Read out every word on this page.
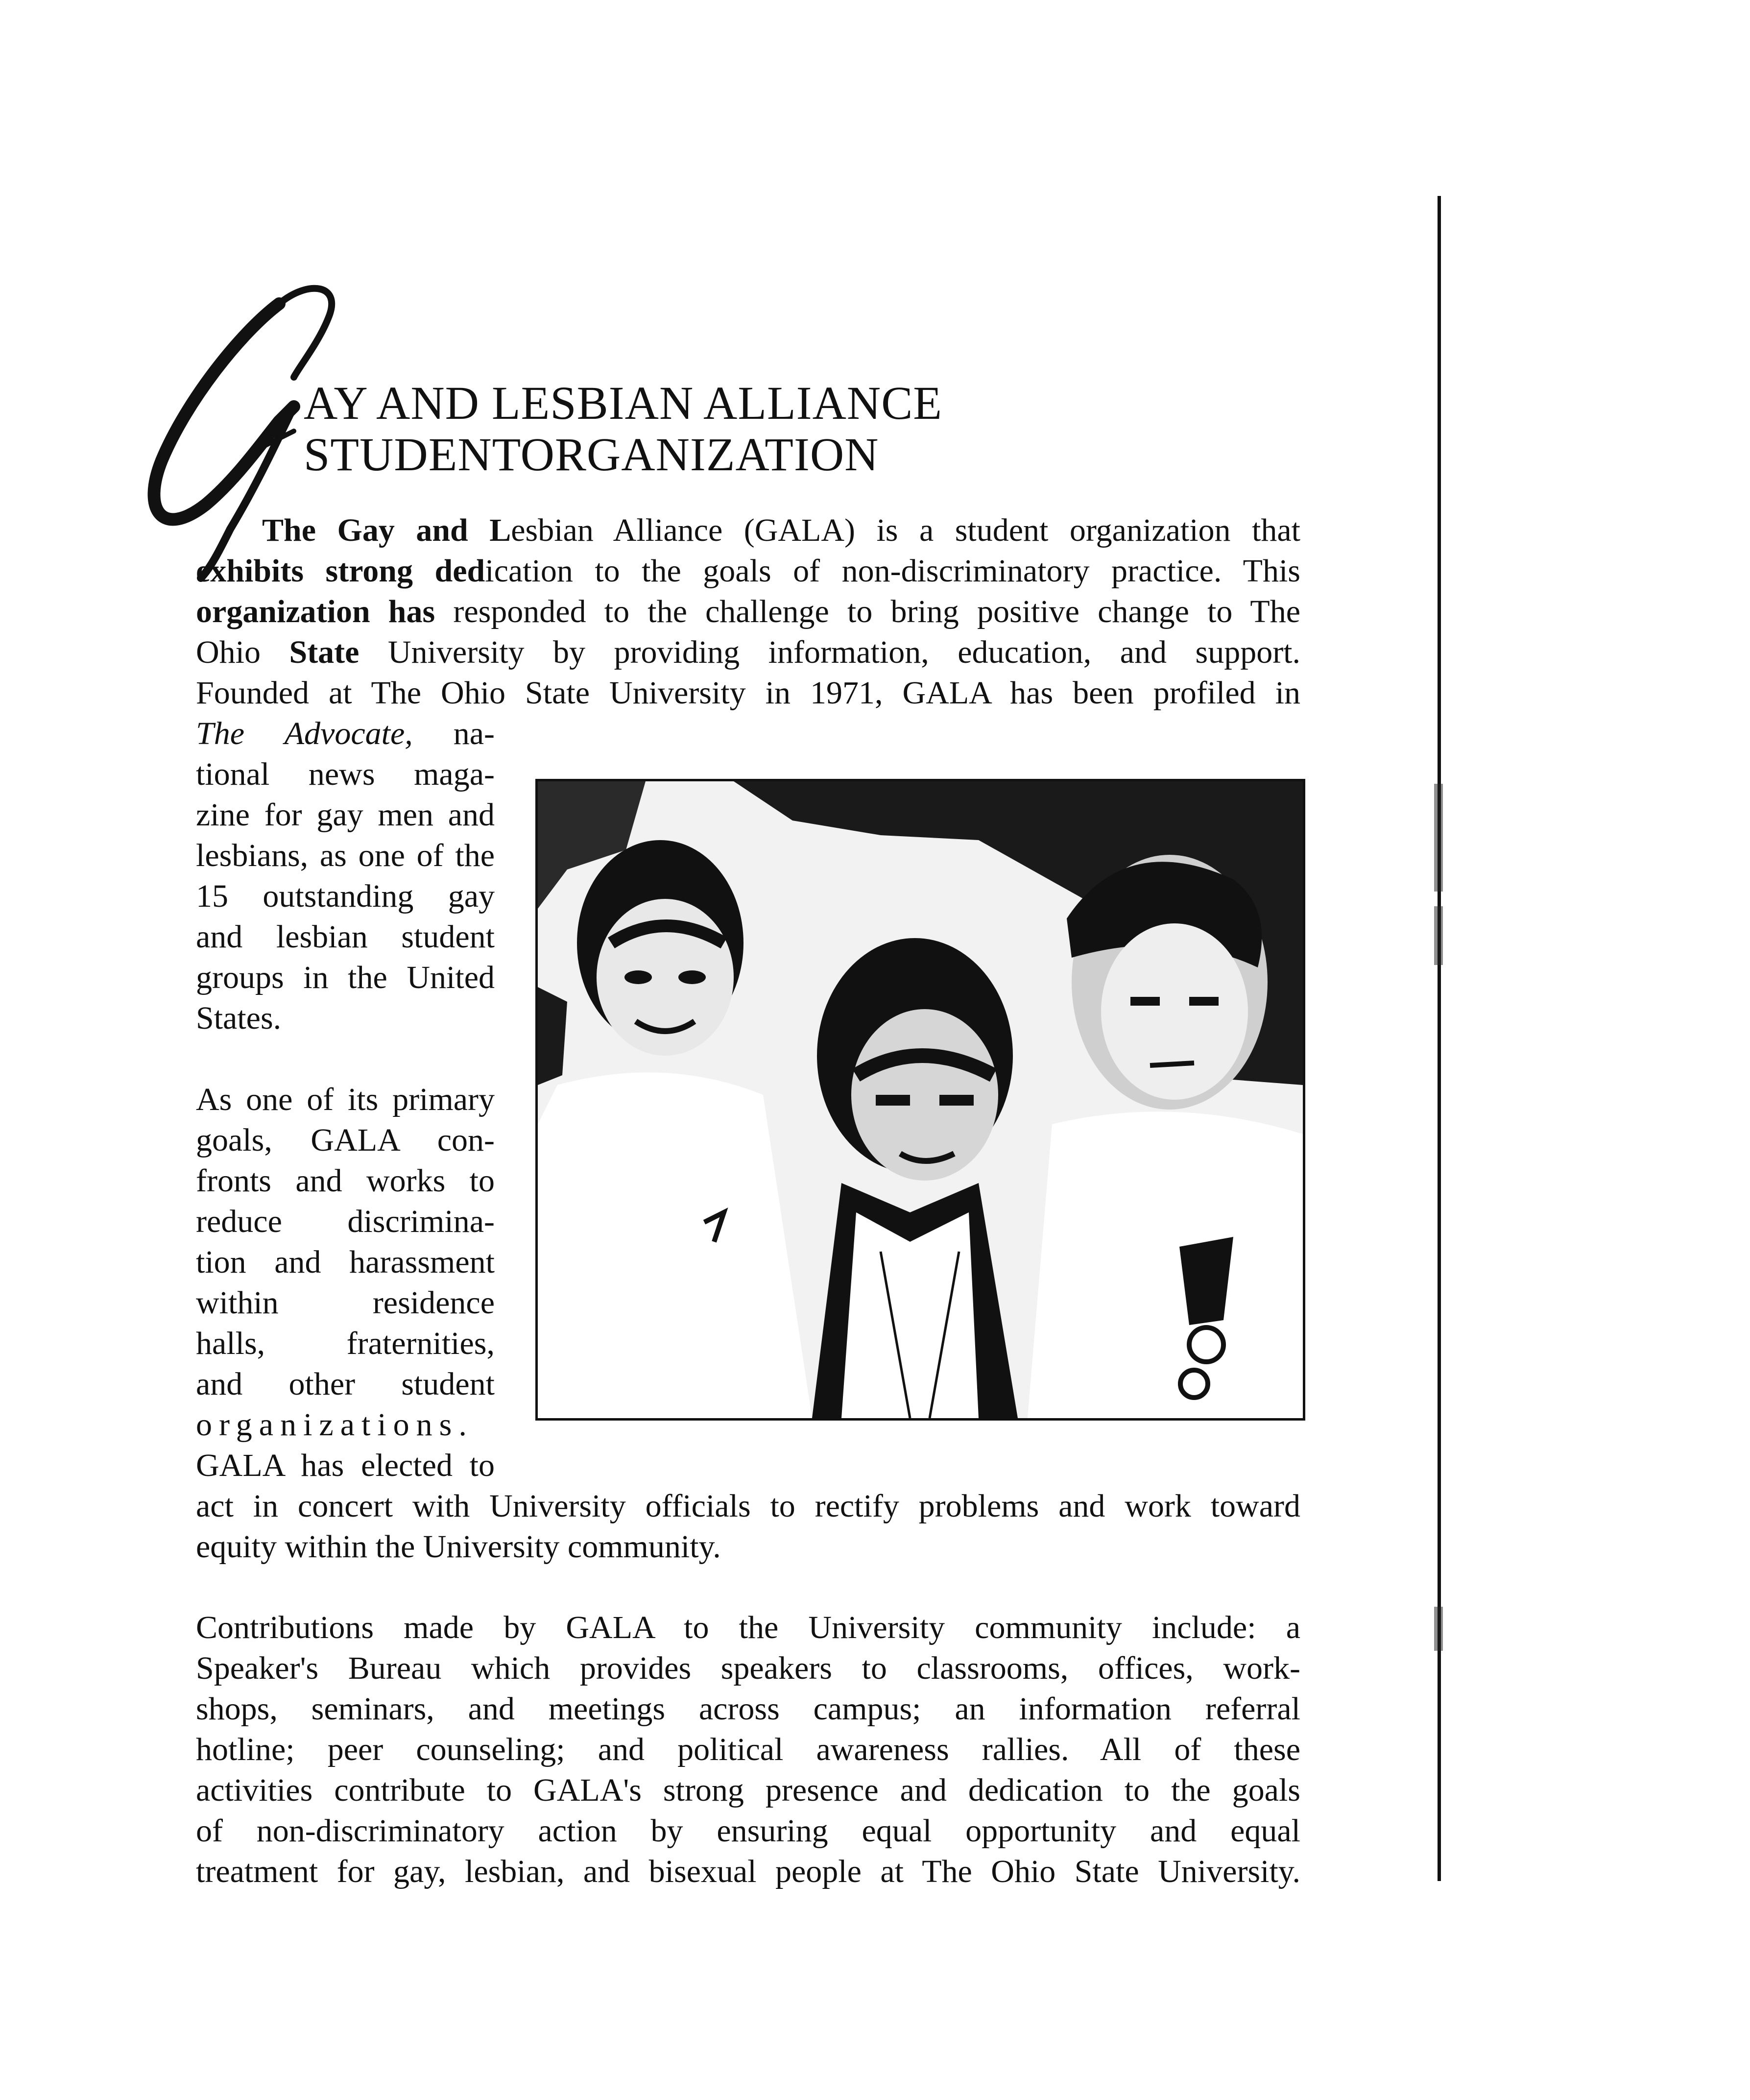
AY AND LESBIAN ALLIANCE
STUDENTORGANIZATION
The Gay and Lesbian Alliance (GALA) is a student organization that
exhibits strong dedication to the goals of non-discriminatory practice. This
organization has responded to the challenge to bring positive change to The
Ohio State University by providing information, education, and support.
Founded at The Ohio State University in 1971, GALA has been profiled in
The Advocate, na-
tional news maga-
zine for gay men and
lesbians, as one of the
15 outstanding gay
and lesbian student
groups in the United
States.
As one of its primary
goals, GALA con-
fronts and works to
reduce discrimina-
tion and harassment
within residence
halls, fraternities,
and other student
organizations.
GALA has elected to
act in concert with University officials to rectify problems and work toward
equity within the University community.
Contributions made by GALA to the University community include: a
Speaker's Bureau which provides speakers to classrooms, offices, work-
shops, seminars, and meetings across campus; an information referral
hotline; peer counseling; and political awareness rallies. All of these
activities contribute to GALA's strong presence and dedication to the goals
of non-discriminatory action by ensuring equal opportunity and equal
treatment for gay, lesbian, and bisexual people at The Ohio State University.
